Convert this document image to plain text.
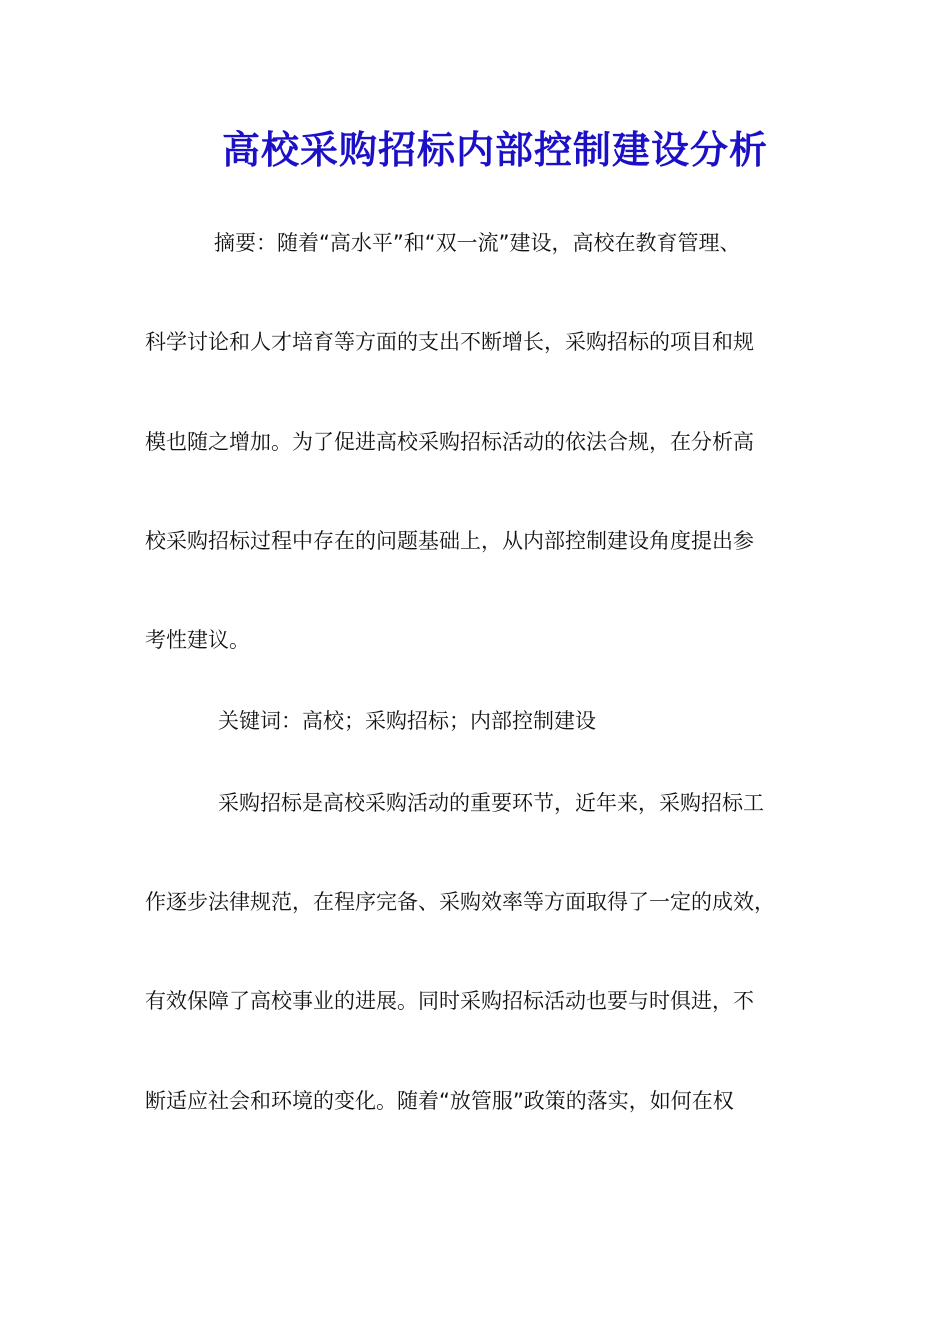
高校采购招标内部控制建设分析
摘要：随着“高水平”和“双一流”建设，高校在教育管理、
科学讨论和人才培育等方面的支出不断增长，采购招标的项目和规
模也随之增加。为了促进高校采购招标活动的依法合规，在分析高
校采购招标过程中存在的问题基础上，从内部控制建设角度提出参
考性建议。
关键词：高校；采购招标；内部控制建设
采购招标是高校采购活动的重要环节，近年来，采购招标工
作逐步法律规范，在程序完备、采购效率等方面取得了一定的成效，
有效保障了高校事业的进展。同时采购招标活动也要与时俱进，不
断适应社会和环境的变化。随着“放管服”政策的落实，如何在权
